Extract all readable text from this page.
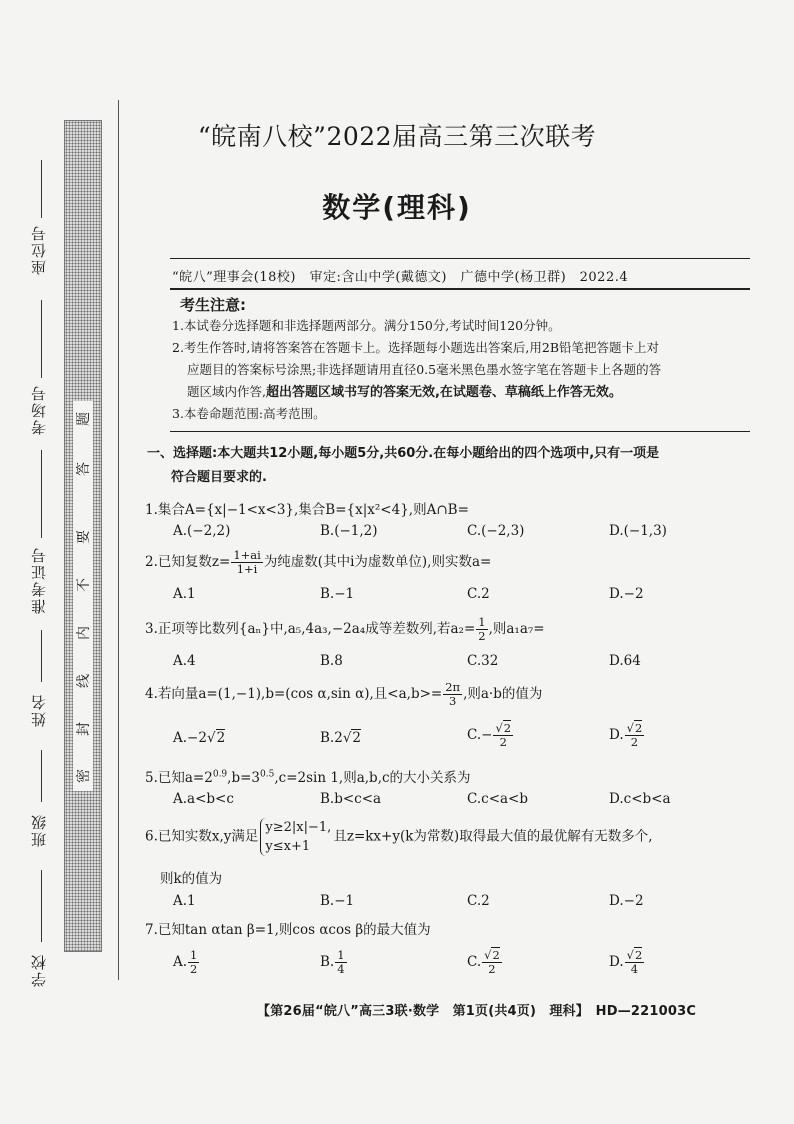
座位号
考场号
准考证号
姓名
班级
学校
密
封
线
内
不
要
答
题
“皖南八校”2022届高三第三次联考
数学(理科)
“皖八”理事会(18校)　审定:含山中学(戴德文)　广德中学(杨卫群)　2022.4
考生注意:
1.本试卷分选择题和非选择题两部分。满分150分,考试时间120分钟。
2.考生作答时,请将答案答在答题卡上。选择题每小题选出答案后,用2B铅笔把答题卡上对
应题目的答案标号涂黑;非选择题请用直径0.5毫米黑色墨水签字笔在答题卡上各题的答
题区域内作答,超出答题区域书写的答案无效,在试题卷、草稿纸上作答无效。
3.本卷命题范围:高考范围。
一、选择题:本大题共12小题,每小题5分,共60分.在每小题给出的四个选项中,只有一项是
符合题目要求的.
1.集合A={x|−1<x<3},集合B={x|x²<4},则A∩B=
A.(−2,2)	B.(−1,2)	C.(−2,3)	D.(−1,3)
2.已知复数$z= \frac{1+ai}{1+i}$ 为纯虚数(其中i为虚数单位),则实数a=
A.1	B.−1	C.2	D.−2
3.正项等比数列{aₙ}中,a₅,4a₃,−2a₄成等差数列,若$a_2= \frac{1}{2}$ ,则a₁a₇=
A.4	B.8	C.32	D.64
4.若向量a=(1,−1),b=(cos α,sin α),且$<a,b>= \frac{2\pi}{3}$ ,则a·b的值为
A.−2√2	B.2√2	$C.- \frac{√2}{2}$	D. $\frac{√2}{2}$
5.已知$a=2^{0.9},b=3^{0.5},c=2\sin$ 1,则a,b,c的大小关系为
A.a<b<c	B.b<c<a	C.c<a<b	D.c<b<a
6.已知实数x,y满足
y≥2|x|−1,
y≤x+1
且z=kx+y(k为常数)取得最大值的最优解有无数多个,
则k的值为
A.1	B.−1	C.2	D.−2
7.已知tan αtan β=1,则cos αcos β的最大值为
A. $\frac{1}{2}$	B. $\frac{1}{4}$	C. $\frac{√2}{2}$	D. $\frac{√2}{4}$
【第26届“皖八”高三3联·数学　第1页(共4页)　理科】　HD—221003C
